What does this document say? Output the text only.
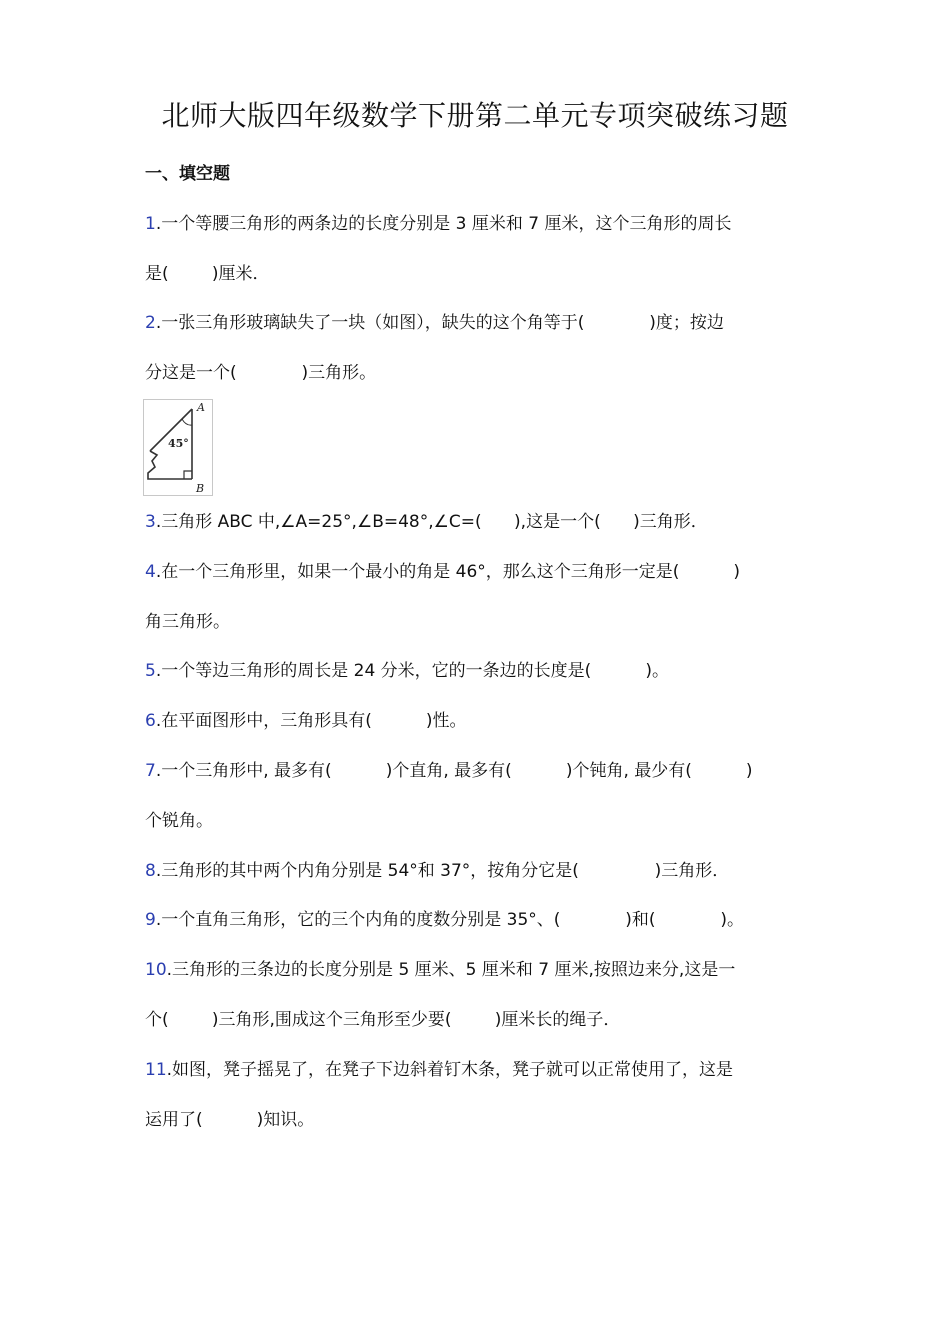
北师大版四年级数学下册第二单元专项突破练习题
一、填空题
1.一个等腰三角形的两条边的长度分别是 3 厘米和 7 厘米，这个三角形的周长
是(        )厘米．
2.一张三角形玻璃缺失了一块（如图），缺失的这个角等于(            )度；按边
分这是一个(            )三角形。
45°
A
B
3.三角形 ABC 中,∠A=25°,∠B=48°,∠C=(      ),这是一个(      )三角形．
4.在一个三角形里，如果一个最小的角是 46°，那么这个三角形一定是(          )
角三角形。
5.一个等边三角形的周长是 24 分米，它的一条边的长度是(          )。
6.在平面图形中，三角形具有(          )性。
7.一个三角形中, 最多有(          )个直角, 最多有(          )个钝角, 最少有(          )
个锐角。
8.三角形的其中两个内角分别是 54°和 37°，按角分它是(              )三角形．
9.一个直角三角形，它的三个内角的度数分别是 35°、(            )和(            )。
10.三角形的三条边的长度分别是 5 厘米、5 厘米和 7 厘米,按照边来分,这是一
个(        )三角形,围成这个三角形至少要(        )厘米长的绳子．
11.如图，凳子摇晃了，在凳子下边斜着钉木条，凳子就可以正常使用了，这是
运用了(          )知识。
